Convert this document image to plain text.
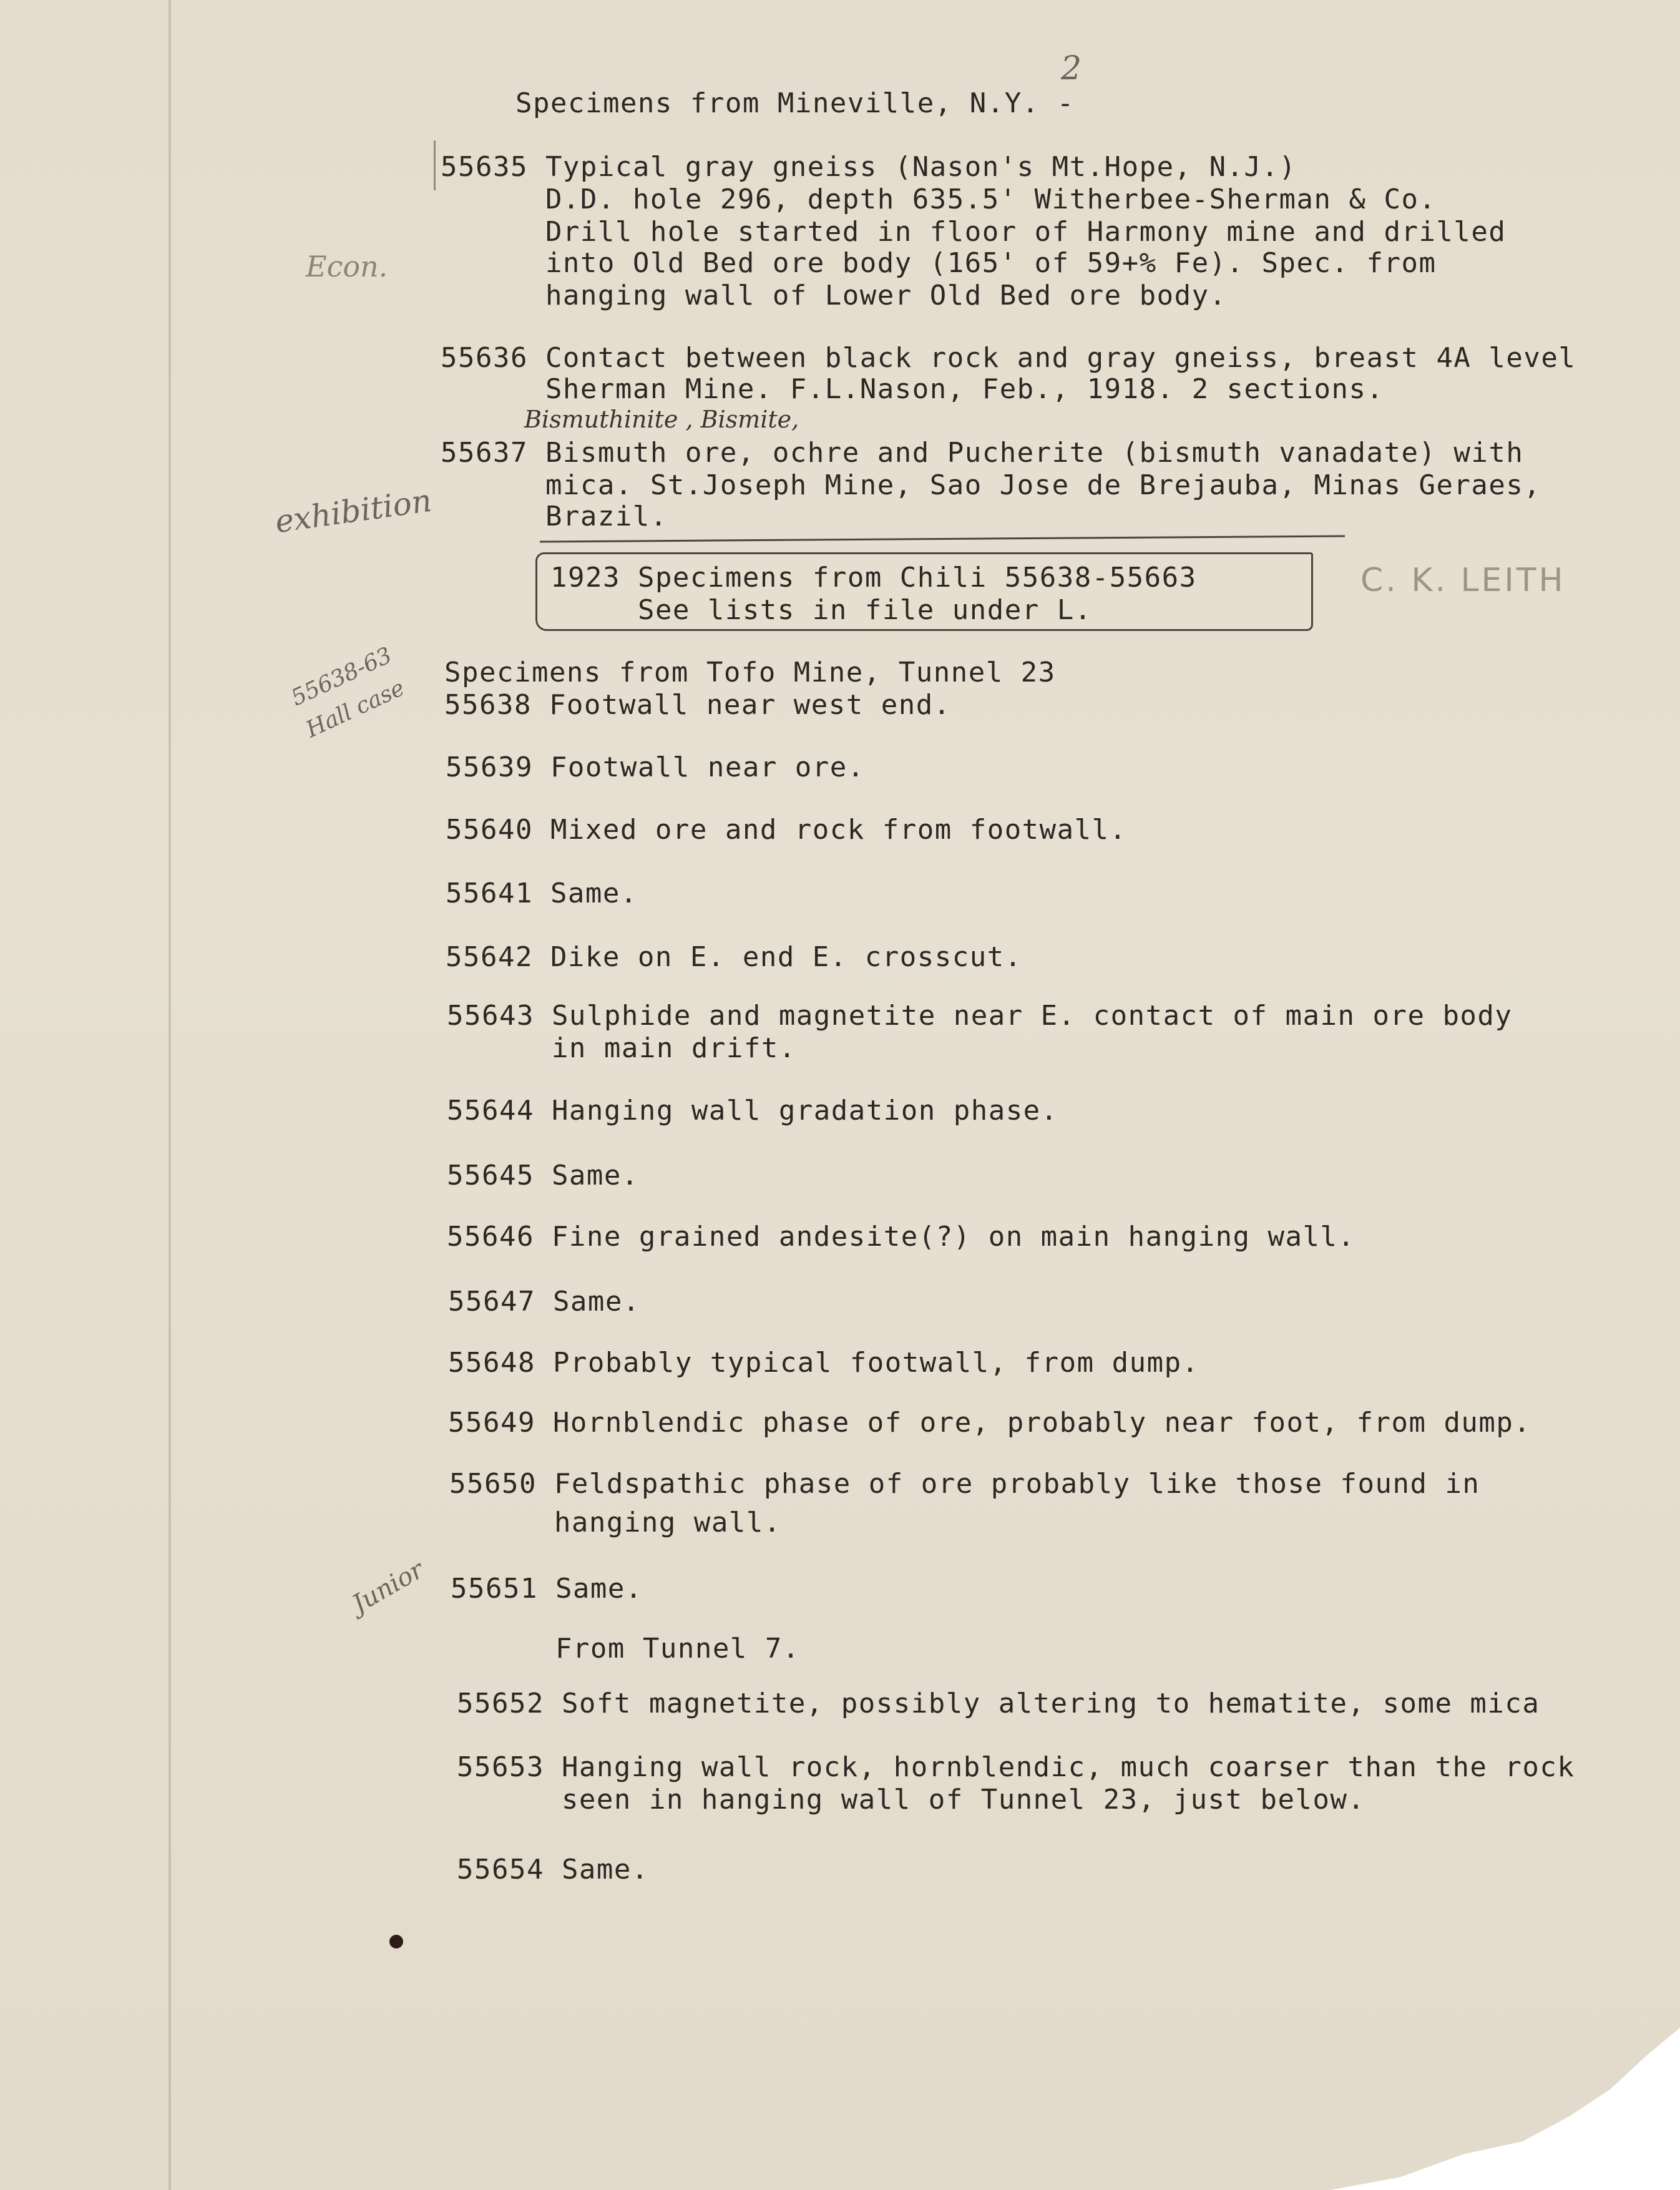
2
Specimens from Mineville, N.Y. -
55635 Typical gray gneiss (Nason's Mt.Hope, N.J.)
D.D. hole 296, depth 635.5' Witherbee-Sherman & Co.
Drill hole started in floor of Harmony mine and drilled
into Old Bed ore body (165' of 59+% Fe). Spec. from
hanging wall of Lower Old Bed ore body.
55636 Contact between black rock and gray gneiss, breast 4A level
Sherman Mine. F.L.Nason, Feb., 1918. 2 sections.
Bismuthinite , Bismite,
55637 Bismuth ore, ochre and Pucherite (bismuth vanadate) with
mica. St.Joseph Mine, Sao Jose de Brejauba, Minas Geraes,
Brazil.
exhibition
1923 Specimens from Chili 55638-55663
See lists in file under L.
C. K. LEITH
55638-63 Hall case
Specimens from Tofo Mine, Tunnel 23
55638 Footwall near west end.
55639 Footwall near ore.
55640 Mixed ore and rock from footwall.
55641 Same.
55642 Dike on E. end E. crosscut.
55643 Sulphide and magnetite near E. contact of main ore body
in main drift.
55644 Hanging wall gradation phase.
55645 Same.
55646 Fine grained andesite(?) on main hanging wall.
55647 Same.
55648 Probably typical footwall, from dump.
55649 Hornblendic phase of ore, probably near foot, from dump.
55650 Feldspathic phase of ore probably like those found in
hanging wall.
Junior 55651 Same.
From Tunnel 7.
55652 Soft magnetite, possibly altering to hematite, some mica
55653 Hanging wall rock, hornblendic, much coarser than the rock
seen in hanging wall of Tunnel 23, just below.
55654 Same.
Econ.
